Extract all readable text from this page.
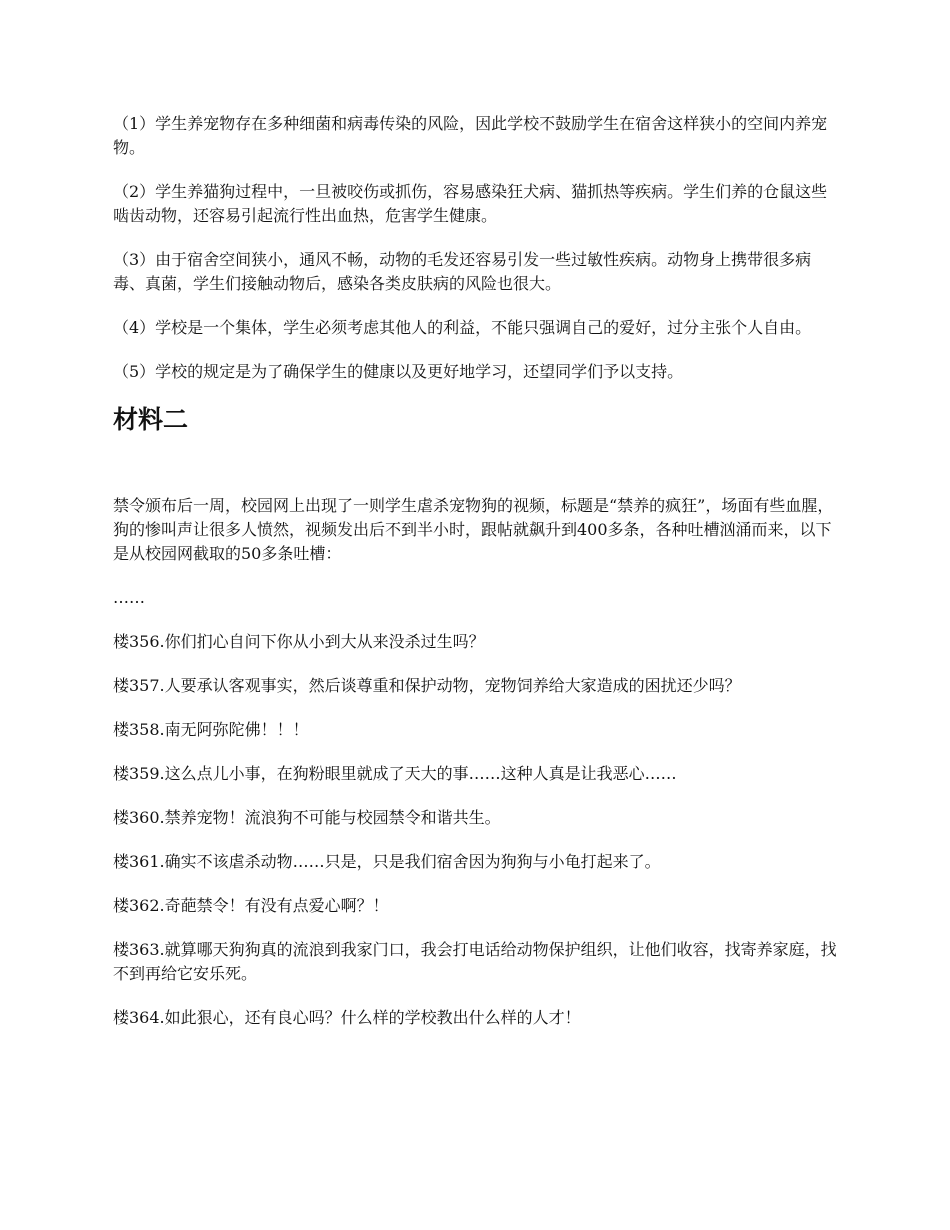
（1）学生养宠物存在多种细菌和病毒传染的风险，因此学校不鼓励学生在宿舍这样狭小的空间内养宠物。

（2）学生养猫狗过程中，一旦被咬伤或抓伤，容易感染狂犬病、猫抓热等疾病。学生们养的仓鼠这些啮齿动物，还容易引起流行性出血热，危害学生健康。

（3）由于宿舍空间狭小，通风不畅，动物的毛发还容易引发一些过敏性疾病。动物身上携带很多病毒、真菌，学生们接触动物后，感染各类皮肤病的风险也很大。

（4）学校是一个集体，学生必须考虑其他人的利益，不能只强调自己的爱好，过分主张个人自由。

（5）学校的规定是为了确保学生的健康以及更好地学习，还望同学们予以支持。

材料二

禁令颁布后一周，校园网上出现了一则学生虐杀宠物狗的视频，标题是“禁养的疯狂”，场面有些血腥，狗的惨叫声让很多人愤然，视频发出后不到半小时，跟帖就飙升到400多条，各种吐槽汹涌而来，以下是从校园网截取的50多条吐槽：

……

楼356.你们扪心自问下你从小到大从来没杀过生吗？

楼357.人要承认客观事实，然后谈尊重和保护动物，宠物饲养给大家造成的困扰还少吗？

楼358.南无阿弥陀佛！！！

楼359.这么点儿小事，在狗粉眼里就成了天大的事……这种人真是让我恶心……

楼360.禁养宠物！流浪狗不可能与校园禁令和谐共生。

楼361.确实不该虐杀动物……只是，只是我们宿舍因为狗狗与小龟打起来了。

楼362.奇葩禁令！有没有点爱心啊？！

楼363.就算哪天狗狗真的流浪到我家门口，我会打电话给动物保护组织，让他们收容，找寄养家庭，找不到再给它安乐死。

楼364.如此狠心，还有良心吗？什么样的学校教出什么样的人才！
